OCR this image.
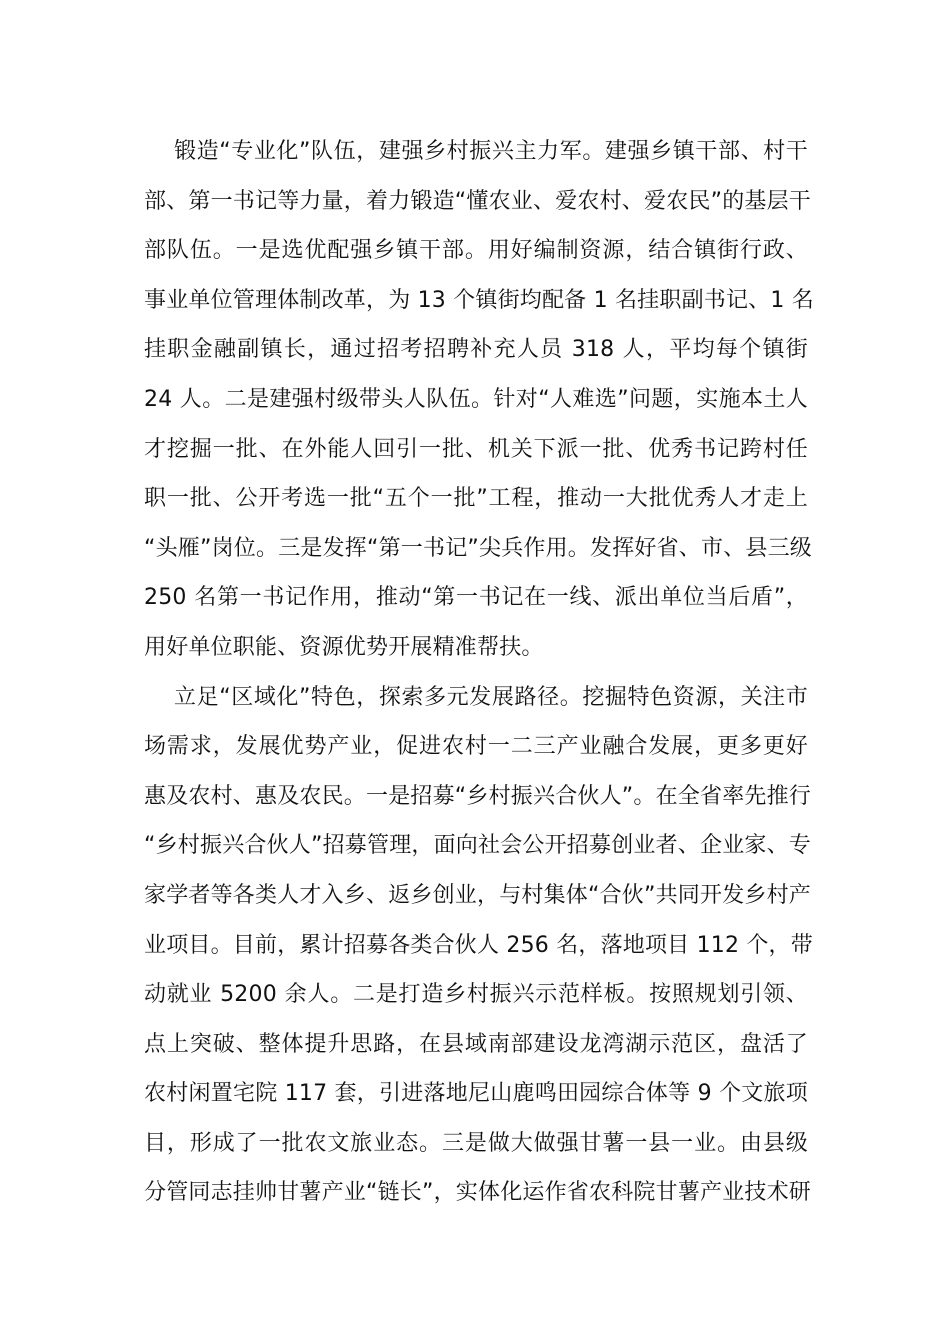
锻造“专业化”队伍，建强乡村振兴主力军。建强乡镇干部、村干
部、第一书记等力量，着力锻造“懂农业、爱农村、爱农民”的基层干
部队伍。一是选优配强乡镇干部。用好编制资源，结合镇街行政、
事业单位管理体制改革，为 13 个镇街均配备 1 名挂职副书记、1 名
挂职金融副镇长，通过招考招聘补充人员 318 人，平均每个镇街
24 人。二是建强村级带头人队伍。针对“人难选”问题，实施本土人
才挖掘一批、在外能人回引一批、机关下派一批、优秀书记跨村任
职一批、公开考选一批“五个一批”工程，推动一大批优秀人才走上
“头雁”岗位。三是发挥“第一书记”尖兵作用。发挥好省、市、县三级
250 名第一书记作用，推动“第一书记在一线、派出单位当后盾”，
用好单位职能、资源优势开展精准帮扶。
立足“区域化”特色，探索多元发展路径。挖掘特色资源，关注市
场需求，发展优势产业，促进农村一二三产业融合发展，更多更好
惠及农村、惠及农民。一是招募“乡村振兴合伙人”。在全省率先推行
“乡村振兴合伙人”招募管理，面向社会公开招募创业者、企业家、专
家学者等各类人才入乡、返乡创业，与村集体“合伙”共同开发乡村产
业项目。目前，累计招募各类合伙人 256 名，落地项目 112 个，带
动就业 5200 余人。二是打造乡村振兴示范样板。按照规划引领、
点上突破、整体提升思路，在县域南部建设龙湾湖示范区，盘活了
农村闲置宅院 117 套，引进落地尼山鹿鸣田园综合体等 9 个文旅项
目，形成了一批农文旅业态。三是做大做强甘薯一县一业。由县级
分管同志挂帅甘薯产业“链长”，实体化运作省农科院甘薯产业技术研
